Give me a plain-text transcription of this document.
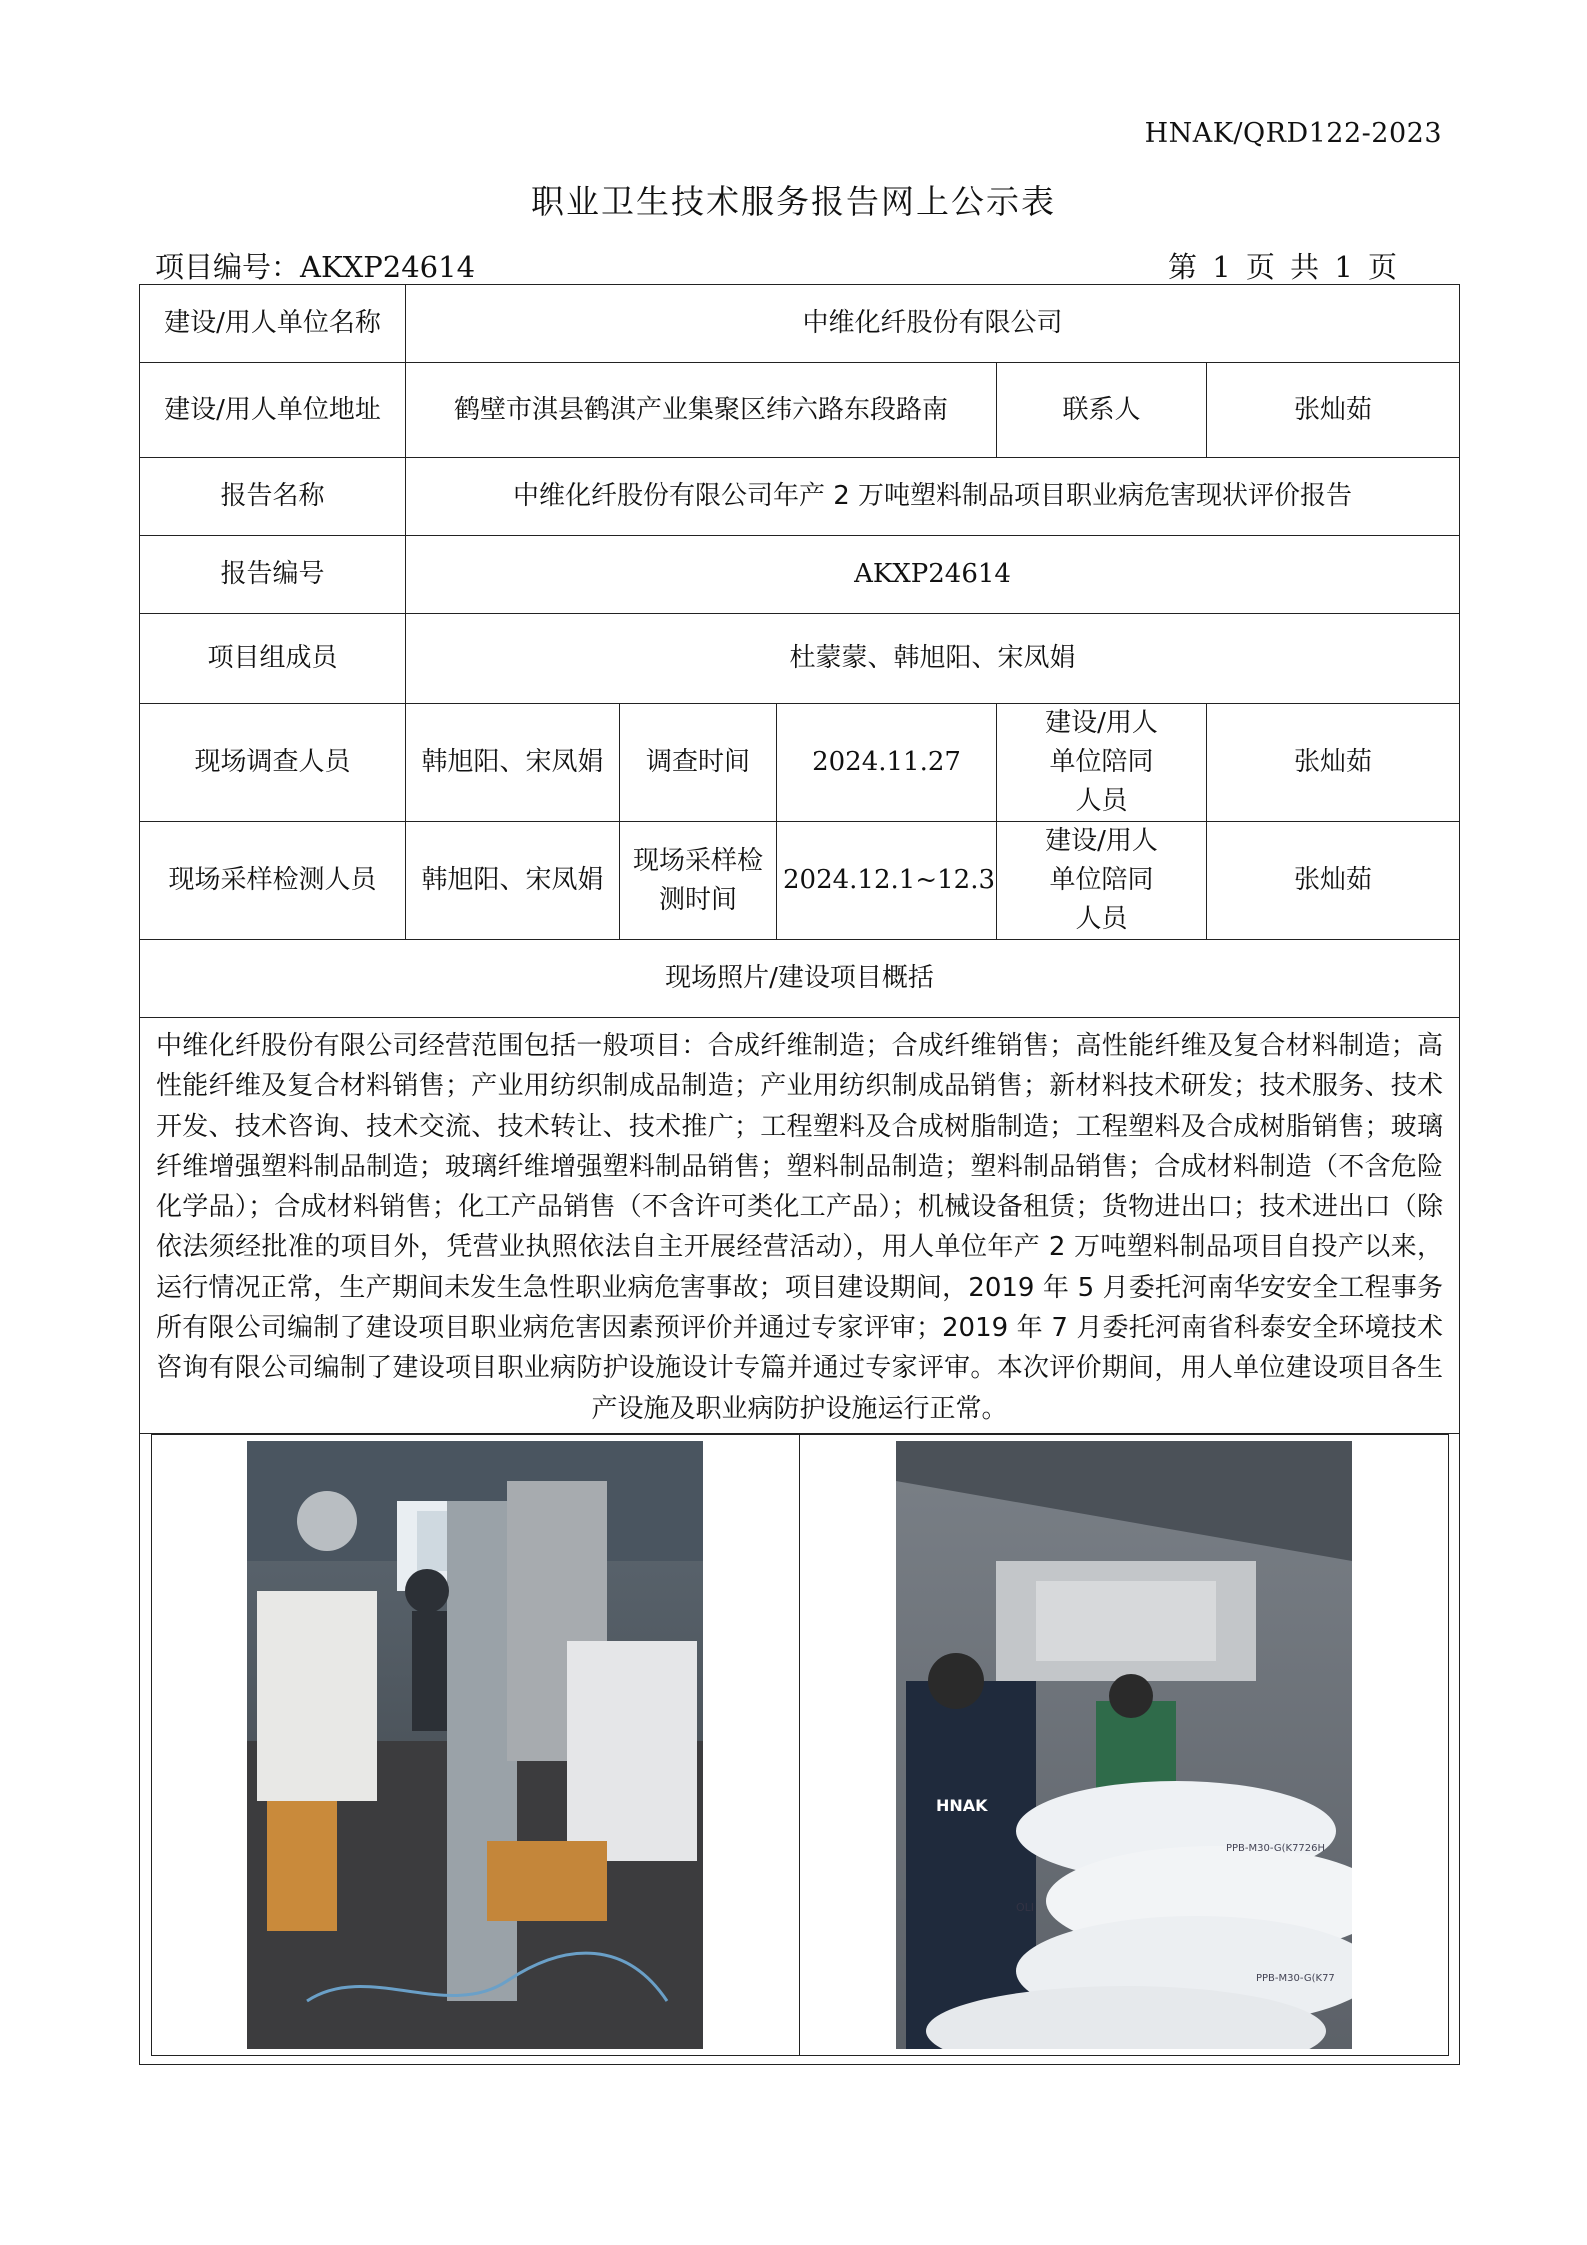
HNAK/QRD122-2023
职业卫生技术服务报告网上公示表
项目编号：AKXP24614	第 1 页 共 1 页
建设/用人单位名称	中维化纤股份有限公司				
建设/用人单位地址	鹤壁市淇县鹤淇产业集聚区纬六路东段路南			联系人	张灿茹
报告名称	中维化纤股份有限公司年产 2 万吨塑料制品项目职业病危害现状评价报告				
报告编号	AKXP24614				
项目组成员	杜蒙蒙、韩旭阳、宋凤娟				
现场调查人员	韩旭阳、宋凤娟	调查时间	2024.11.27	建设/用人单位陪同人员	张灿茹
现场采样检测人员	韩旭阳、宋凤娟	现场采样检测时间	2024.12.1~12.3	建设/用人单位陪同人员	张灿茹
现场照片/建设项目概括					
中维化纤股份有限公司经营范围包括一般项目：合成纤维制造；合成纤维销售；高性能纤维及复合材料制造；高性能纤维及复合材料销售；产业用纺织制成品制造；产业用纺织制成品销售；新材料技术研发；技术服务、技术开发、技术咨询、技术交流、技术转让、技术推广；工程塑料及合成树脂制造；工程塑料及合成树脂销售；玻璃纤维增强塑料制品制造；玻璃纤维增强塑料制品销售；塑料制品制造；塑料制品销售；合成材料制造（不含危险化学品）；合成材料销售；化工产品销售（不含许可类化工产品）；机械设备租赁；货物进出口；技术进出口（除依法须经批准的项目外，凭营业执照依法自主开展经营活动），用人单位年产 2 万吨塑料制品项目自投产以来，运行情况正常，生产期间未发生急性职业病危害事故；项目建设期间，2019 年 5 月委托河南华安安全工程事务所有限公司编制了建设项目职业病危害因素预评价并通过专家评审；2019 年 7 月委托河南省科泰安全环境技术咨询有限公司编制了建设项目职业病防护设施设计专篇并通过专家评审。本次评价期间，用人单位建设项目各生产设施及职业病防护设施运行正常。					

HNAK
PPB-M30-G(K7726H
PPB-M30-G(K77
OLI					
